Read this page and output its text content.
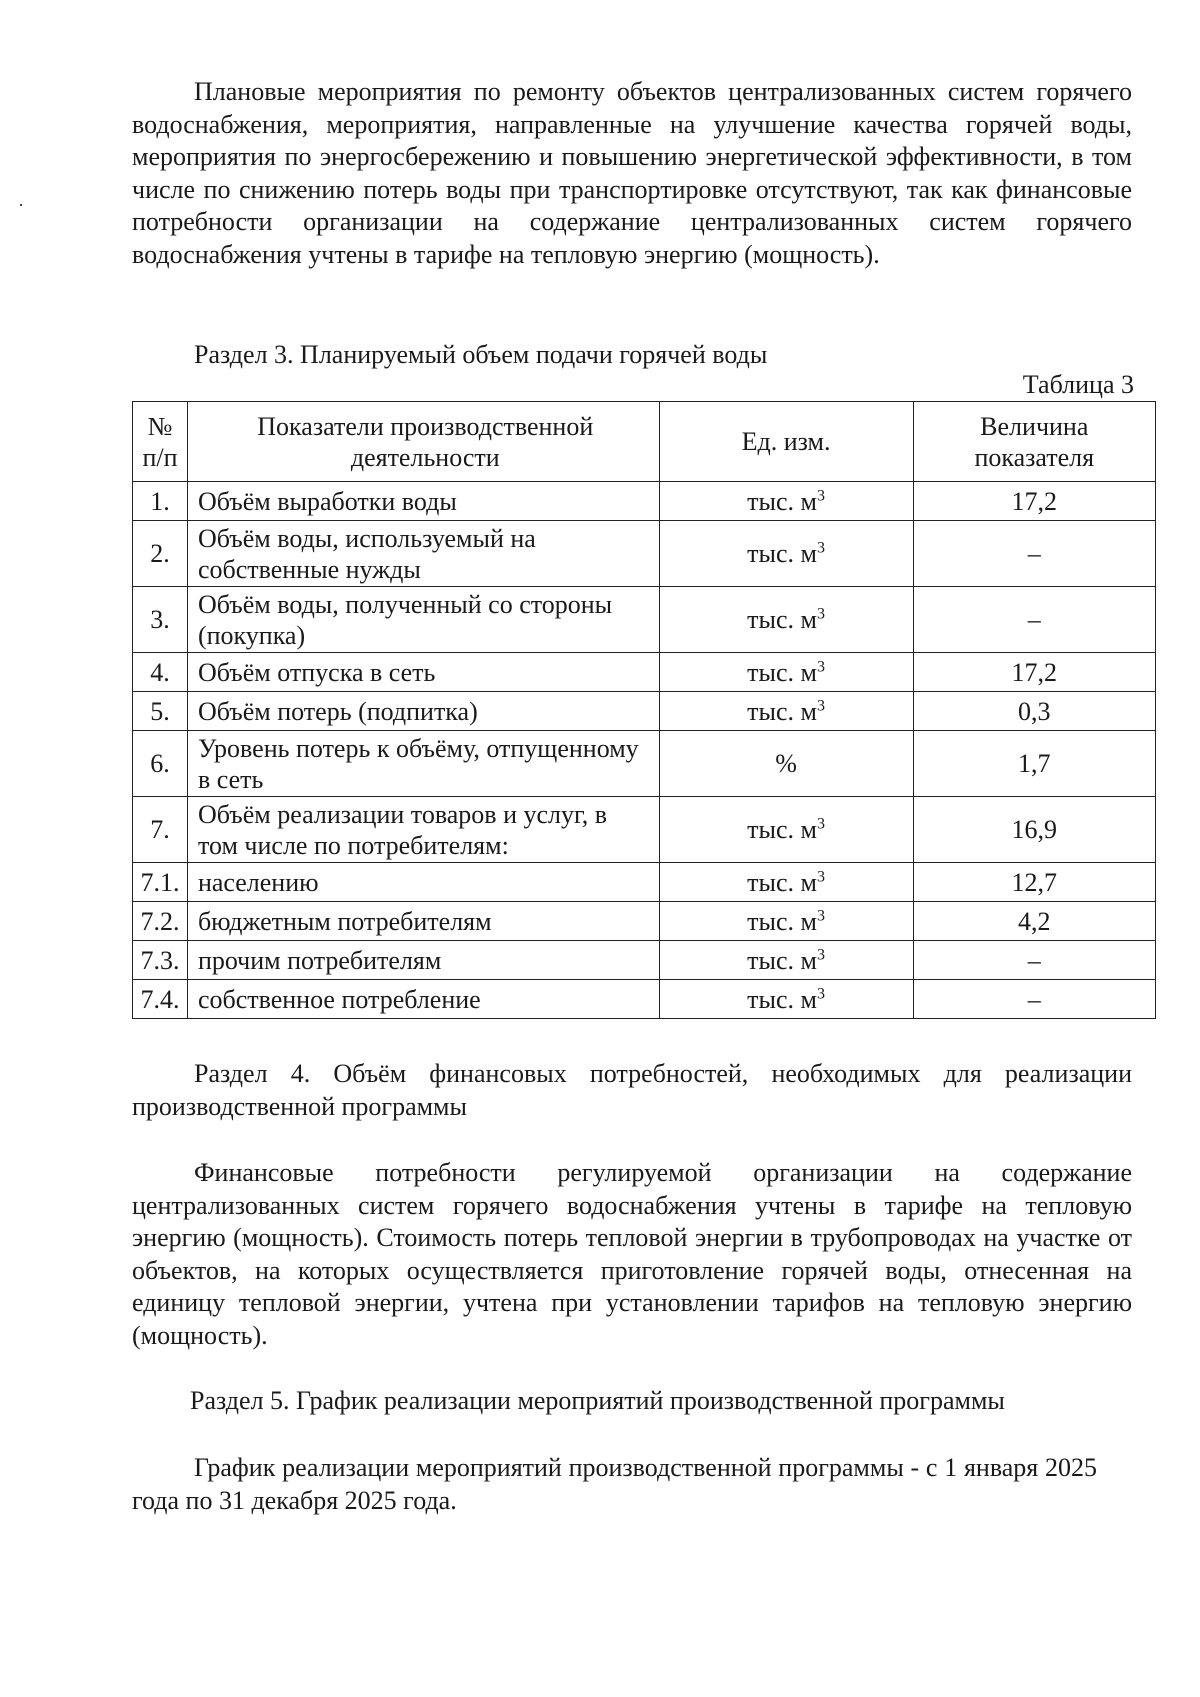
Плановые мероприятия по ремонту объектов централизованных систем горячего водоснабжения, мероприятия, направленные на улучшение качества горячей воды, мероприятия по энергосбережению и повышению энергетической эффективности, в том числе по снижению потерь воды при транспортировке отсутствуют, так как финансовые потребности организации на содержание централизованных систем горячего водоснабжения учтены в тарифе на тепловую энергию (мощность).

Раздел 3. Планируемый объем подачи горячей воды

Таблица 3

№ п/п	Показатели производственной деятельности	Ед. изм.	Величина показателя
1.	Объём выработки воды	тыс. $м^3$	17,2
2.	Объём воды, используемый на собственные нужды	тыс. $м^3$	–
3.	Объём воды, полученный со стороны (покупка)	тыс. $м^3$	–
4.	Объём отпуска в сеть	тыс. $м^3$	17,2
5.	Объём потерь (подпитка)	тыс. $м^3$	0,3
6.	Уровень потерь к объёму, отпущенному в сеть	%	1,7
7.	Объём реализации товаров и услуг, в том числе по потребителям:	тыс. $м^3$	16,9
7.1.	населению	тыс. $м^3$	12,7
7.2.	бюджетным потребителям	тыс. $м^3$	4,2
7.3.	прочим потребителям	тыс. $м^3$	–
7.4.	собственное потребление	тыс. $м^3$	–

Раздел 4. Объём финансовых потребностей, необходимых для реализации производственной программы

Финансовые потребности регулируемой организации на содержание централизованных систем горячего водоснабжения учтены в тарифе на тепловую энергию (мощность). Стоимость потерь тепловой энергии в трубопроводах на участке от объектов, на которых осуществляется приготовление горячей воды, отнесенная на единицу тепловой энергии, учтена при установлении тарифов на тепловую энергию (мощность).

Раздел 5. График реализации мероприятий производственной программы

График реализации мероприятий производственной программы - с 1 января 2025 года по 31 декабря 2025 года.
